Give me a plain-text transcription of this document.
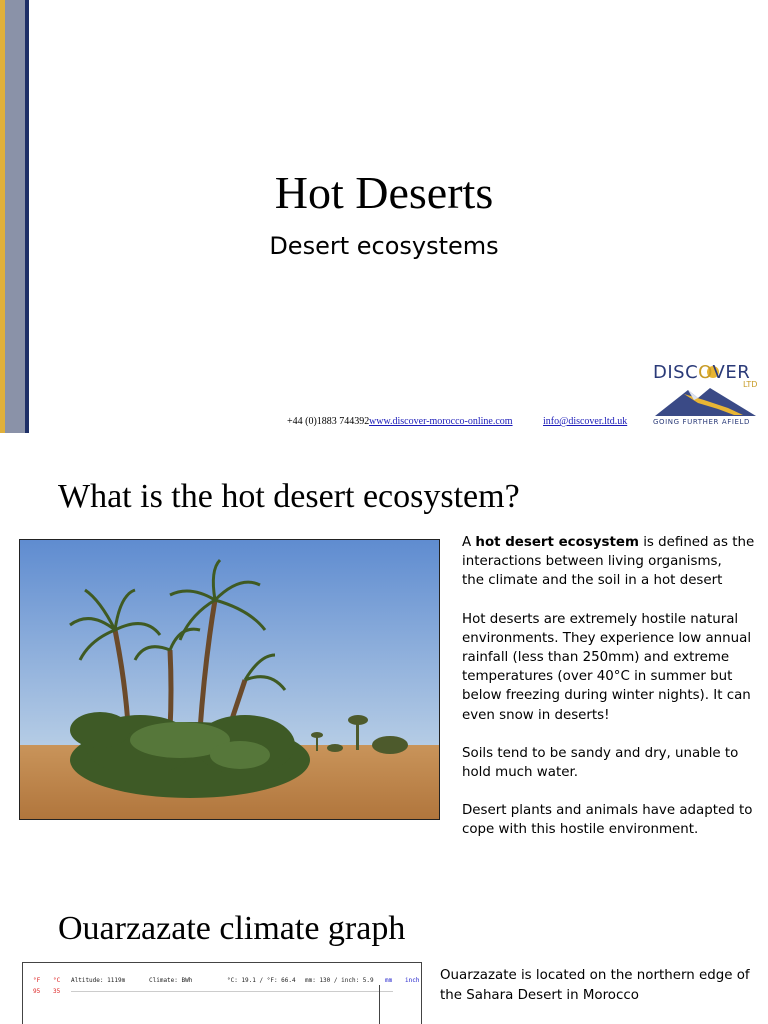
Hot Deserts
Desert ecosystems
+44 (0)1883 744392 www.discover-morocco-online.com	info@discover.ltd.uk
DISCOVER
LTD
GOING FURTHER AFIELD
What is the hot desert ecosystem?

A hot desert ecosystem is defined as the
interactions between living organisms,
the climate and the soil in a hot desert

Hot deserts are extremely hostile natural
environments. They experience low annual
rainfall (less than 250mm) and extreme
temperatures (over 40°C in summer but
below freezing during winter nights). It can
even snow in deserts!

Soils tend to be sandy and dry, unable to
hold much water.

Desert plants and animals have adapted to
cope with this hostile environment.

Ouarzazate climate graph
°F °C Altitude: 1119m	Climate: BWh	°C: 19.1 / °F: 66.4 mm: 130 / inch: 5.9 mm inch
95 35
Ouarzazate is located on the northern edge of
the Sahara Desert in Morocco
